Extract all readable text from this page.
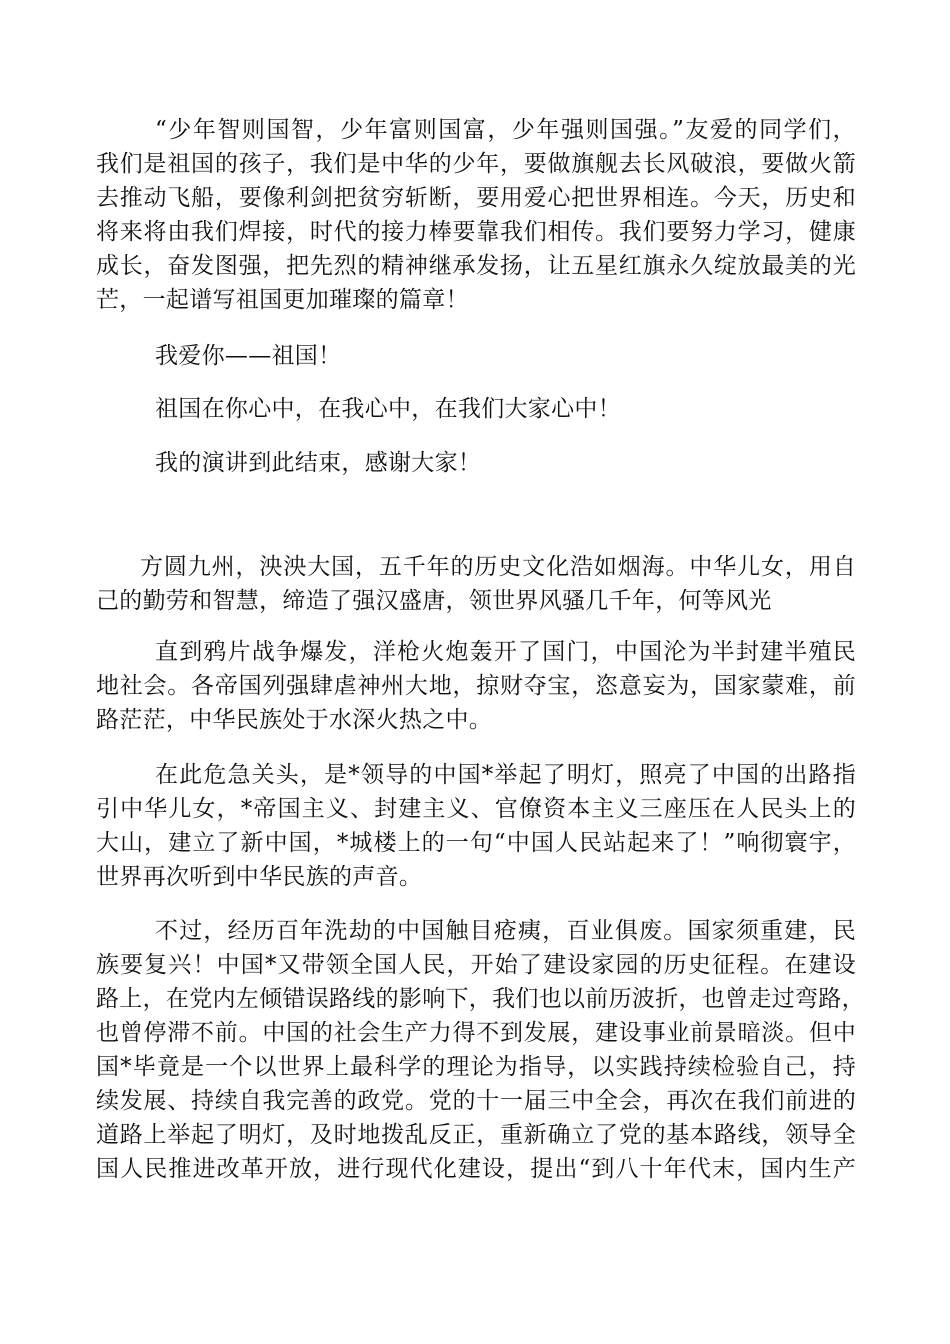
“少年智则国智，少年富则国富，少年强则国强。”友爱的同学们，
我们是祖国的孩子，我们是中华的少年，要做旗舰去长风破浪，要做火箭
去推动飞船，要像利剑把贫穷斩断，要用爱心把世界相连。今天，历史和
将来将由我们焊接，时代的接力棒要靠我们相传。我们要努力学习，健康
成长，奋发图强，把先烈的精神继承发扬，让五星红旗永久绽放最美的光
芒，一起谱写祖国更加璀璨的篇章！
我爱你——祖国！
祖国在你心中，在我心中，在我们大家心中！
我的演讲到此结束，感谢大家！
方圆九州，泱泱大国，五千年的历史文化浩如烟海。中华儿女，用自
己的勤劳和智慧，缔造了强汉盛唐，领世界风骚几千年，何等风光
直到鸦片战争爆发，洋枪火炮轰开了国门，中国沦为半封建半殖民
地社会。各帝国列强肆虐神州大地，掠财夺宝，恣意妄为，国家蒙难，前
路茫茫，中华民族处于水深火热之中。
在此危急关头，是*领导的中国*举起了明灯，照亮了中国的出路指
引中华儿女，*帝国主义、封建主义、官僚资本主义三座压在人民头上的
大山，建立了新中国，*城楼上的一句“中国人民站起来了！”响彻寰宇，
世界再次听到中华民族的声音。
不过，经历百年洗劫的中国触目疮痍，百业俱废。国家须重建，民
族要复兴！中国*又带领全国人民，开始了建设家园的历史征程。在建设
路上，在党内左倾错误路线的影响下，我们也以前历波折，也曾走过弯路，
也曾停滞不前。中国的社会生产力得不到发展，建设事业前景暗淡。但中
国*毕竟是一个以世界上最科学的理论为指导，以实践持续检验自己，持
续发展、持续自我完善的政党。党的十一届三中全会，再次在我们前进的
道路上举起了明灯，及时地拨乱反正，重新确立了党的基本路线，领导全
国人民推进改革开放，进行现代化建设，提出“到八十年代末，国内生产
